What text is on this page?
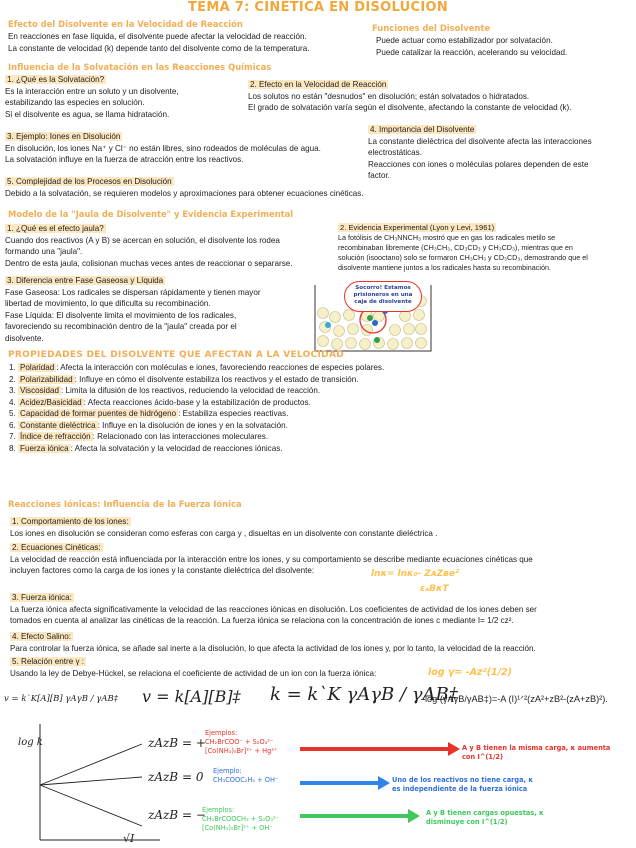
TEMA 7: CINÉTICA EN DISOLUCIÓN
Efecto del Disolvente en la Velocidad de Reacción
En reacciones en fase líquida, el disolvente puede afectar la velocidad de reacción.
La constante de velocidad (k) depende tanto del disolvente como de la temperatura.
Funciones del Disolvente
Puede actuar como estabilizador por solvatación.
Puede catalizar la reacción, acelerando su velocidad.
Influencia de la Solvatación en las Reacciones Químicas
1. ¿Qué es la Solvatación?
Es la interacción entre un soluto y un disolvente,
estabilizando las especies en solución.
Si el disolvente es agua, se llama hidratación.
2. Efecto en la Velocidad de Reacción
Los solutos no están "desnudos" en disolución; están solvatados o hidratados.
El grado de solvatación varía según el disolvente, afectando la constante de velocidad (k).
3. Ejemplo: Iones en Disolución
En disolución, los iones Na⁺ y Cl⁻ no están libres, sino rodeados de moléculas de agua.
La solvatación influye en la fuerza de atracción entre los reactivos.
4. Importancia del Disolvente
La constante dieléctrica del disolvente afecta las interacciones
electrostáticas.
Reacciones con iones o moléculas polares dependen de este
factor.
5. Complejidad de los Procesos en Disolución
Debido a la solvatación, se requieren modelos y aproximaciones para obtener ecuaciones cinéticas.
Modelo de la "Jaula de Disolvente" y Evidencia Experimental
1. ¿Qué es el efecto jaula?
Cuando dos reactivos (A y B) se acercan en solución, el disolvente los rodea
formando una "jaula".
Dentro de esta jaula, colisionan muchas veces antes de reaccionar o separarse.
2. Evidencia Experimental (Lyon y Levi, 1961)
La fotólisis de CH₃NNCH₃ mostró que en gas los radicales metilo se
recombinaban libremente (CH₃CH₃, CD₃CD₃ y CH₃CD₃), mientras que en
solución (isooctano) solo se formaron CH₃CH₃ y CD₃CD₃, demostrando que el
disolvente mantiene juntos a los radicales hasta su recombinación.
3. Diferencia entre Fase Gaseosa y Líquida
Fase Gaseosa: Los radicales se dispersan rápidamente y tienen mayor
libertad de movimiento, lo que dificulta su recombinación.
Fase Líquida: El disolvente limita el movimiento de los radicales,
favoreciendo su recombinación dentro de la "jaula" creada por el
disolvente.
Socorro! Estamos prisioneros en una caja de disolvente
PROPIEDADES DEL DISOLVENTE QUE AFECTAN A LA VELOCIDAD
1. Polaridad : Afecta la interacción con moléculas e iones, favoreciendo reacciones de especies polares.
2. Polarizabilidad : Influye en cómo el disolvente estabiliza los reactivos y el estado de transición.
3. Viscosidad : Limita la difusión de los reactivos, reduciendo la velocidad de reacción.
4. Acidez/Basicidad : Afecta reacciones ácido-base y la estabilización de productos.
5. Capacidad de formar puentes de hidrógeno : Estabiliza especies reactivas.
6. Constante dieléctrica : Influye en la disolución de iones y en la solvatación.
7. Índice de refracción : Relacionado con las interacciones moleculares.
8. Fuerza iónica : Afecta la solvatación y la velocidad de reacciones iónicas.
Reacciones Iónicas: Influencia de la Fuerza Iónica
1. Comportamiento de los iones:
Los iones en disolución se consideran como esferas con carga y , disueltas en un disolvente con constante dieléctrica .
2. Ecuaciones Cinéticas:
La velocidad de reacción está influenciada por la interacción entre los iones, y su comportamiento se describe mediante ecuaciones cinéticas que
incluyen factores como la carga de los iones y la constante dieléctrica del disolvente:	lnκ= lnκ₀- ZᴀZʙe²
εₐBκT
3. Fuerza iónica:
La fuerza iónica afecta significativamente la velocidad de las reacciones iónicas en disolución. Los coeficientes de actividad de los iones deben ser
tomados en cuenta al analizar las cinéticas de la reacción. La fuerza iónica se relaciona con la concentración de iones c mediante I= 1/2 cz².
4. Efecto Salino:
Para controlar la fuerza iónica, se añade sal inerte a la disolución, lo que afecta la actividad de los iones y, por lo tanto, la velocidad de la reacción.
5. Relación entre γ :
Usando la ley de Debye-Hückel, se relaciona el coeficiente de actividad de un ion con la fuerza iónica:	log γ= -Az²(1/2)
v = k`K[A][B] γAγB / γAB‡ v = k[A][B]‡ k = k`K γAγB / γAB‡
log (γAγB/γAB‡)=-A (I)¹ᐟ²(zA²+zB²-(zA+zB)²).
log k
√I
zAzB = +
Ejemplos:
CH₂BrCOO⁻ + S₂O₃²⁻
[Co(NH₃)₅Br]²⁺ + Hg²⁺	A y B tienen la misma carga, κ aumenta con I^(1/2)
zAzB = 0 Ejemplo:
CH₃COOC₂H₅ + OH⁻	Uno de los reactivos no tiene carga, κ es independiente de la fuerza iónica
zAzB = −
Ejemplos:
CH₂BrCOOCH₃ + S₂O₃²⁻
[Co(NH₃)₅Br]²⁺ + OH⁻
A y B tienen cargas opuestas, κ disminuye con I^(1/2)
